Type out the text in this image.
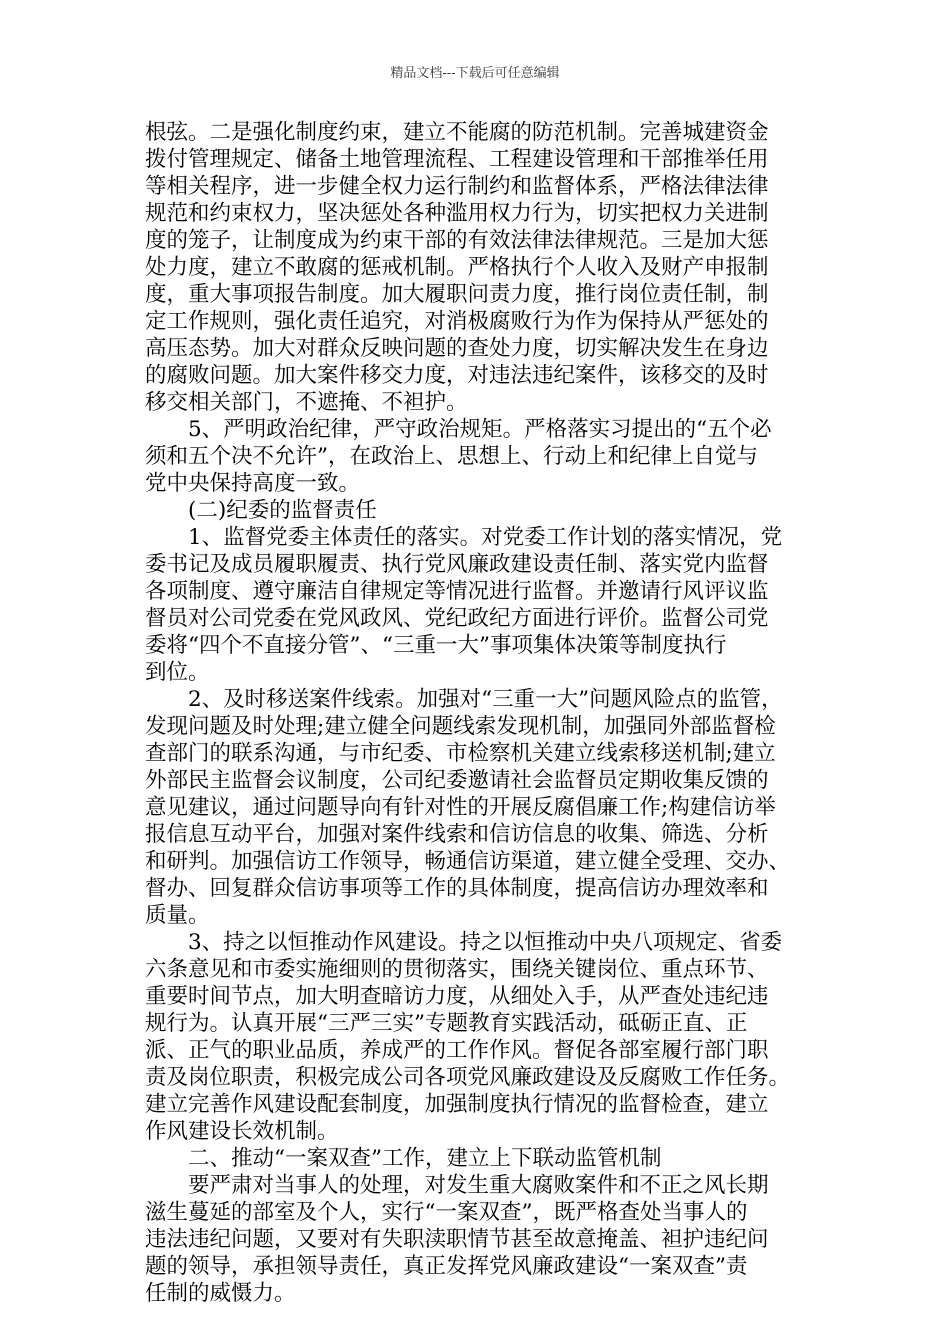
精品文档---下载后可任意编辑
根弦。二是强化制度约束，建立不能腐的防范机制。完善城建资金
拨付管理规定、储备土地管理流程、工程建设管理和干部推举任用
等相关程序，进一步健全权力运行制约和监督体系，严格法律法律
规范和约束权力，坚决惩处各种滥用权力行为，切实把权力关进制
度的笼子，让制度成为约束干部的有效法律法律规范。三是加大惩
处力度，建立不敢腐的惩戒机制。严格执行个人收入及财产申报制
度，重大事项报告制度。加大履职问责力度，推行岗位责任制，制
定工作规则，强化责任追究，对消极腐败行为作为保持从严惩处的
高压态势。加大对群众反映问题的查处力度，切实解决发生在身边
的腐败问题。加大案件移交力度，对违法违纪案件，该移交的及时
移交相关部门，不遮掩、不袒护。
　　5、严明政治纪律，严守政治规矩。严格落实习提出的“五个必
须和五个决不允许”，在政治上、思想上、行动上和纪律上自觉与
党中央保持高度一致。
　　(二)纪委的监督责任
　　1、监督党委主体责任的落实。对党委工作计划的落实情况，党
委书记及成员履职履责、执行党风廉政建设责任制、落实党内监督
各项制度、遵守廉洁自律规定等情况进行监督。并邀请行风评议监
督员对公司党委在党风政风、党纪政纪方面进行评价。监督公司党
委将“四个不直接分管”、“三重一大”事项集体决策等制度执行
到位。
　　2、及时移送案件线索。加强对“三重一大”问题风险点的监管，
发现问题及时处理;建立健全问题线索发现机制，加强同外部监督检
查部门的联系沟通，与市纪委、市检察机关建立线索移送机制;建立
外部民主监督会议制度，公司纪委邀请社会监督员定期收集反馈的
意见建议，通过问题导向有针对性的开展反腐倡廉工作;构建信访举
报信息互动平台，加强对案件线索和信访信息的收集、筛选、分析
和研判。加强信访工作领导，畅通信访渠道，建立健全受理、交办、
督办、回复群众信访事项等工作的具体制度，提高信访办理效率和
质量。
　　3、持之以恒推动作风建设。持之以恒推动中央八项规定、省委
六条意见和市委实施细则的贯彻落实，围绕关键岗位、重点环节、
重要时间节点，加大明查暗访力度，从细处入手，从严查处违纪违
规行为。认真开展“三严三实”专题教育实践活动，砥砺正直、正
派、正气的职业品质，养成严的工作作风。督促各部室履行部门职
责及岗位职责，积极完成公司各项党风廉政建设及反腐败工作任务。
建立完善作风建设配套制度，加强制度执行情况的监督检查，建立
作风建设长效机制。
　　二、推动“一案双查”工作，建立上下联动监管机制
　　要严肃对当事人的处理，对发生重大腐败案件和不正之风长期
滋生蔓延的部室及个人，实行“一案双查”，既严格查处当事人的
违法违纪问题，又要对有失职渎职情节甚至故意掩盖、袒护违纪问
题的领导，承担领导责任，真正发挥党风廉政建设“一案双查”责
任制的威慑力。
